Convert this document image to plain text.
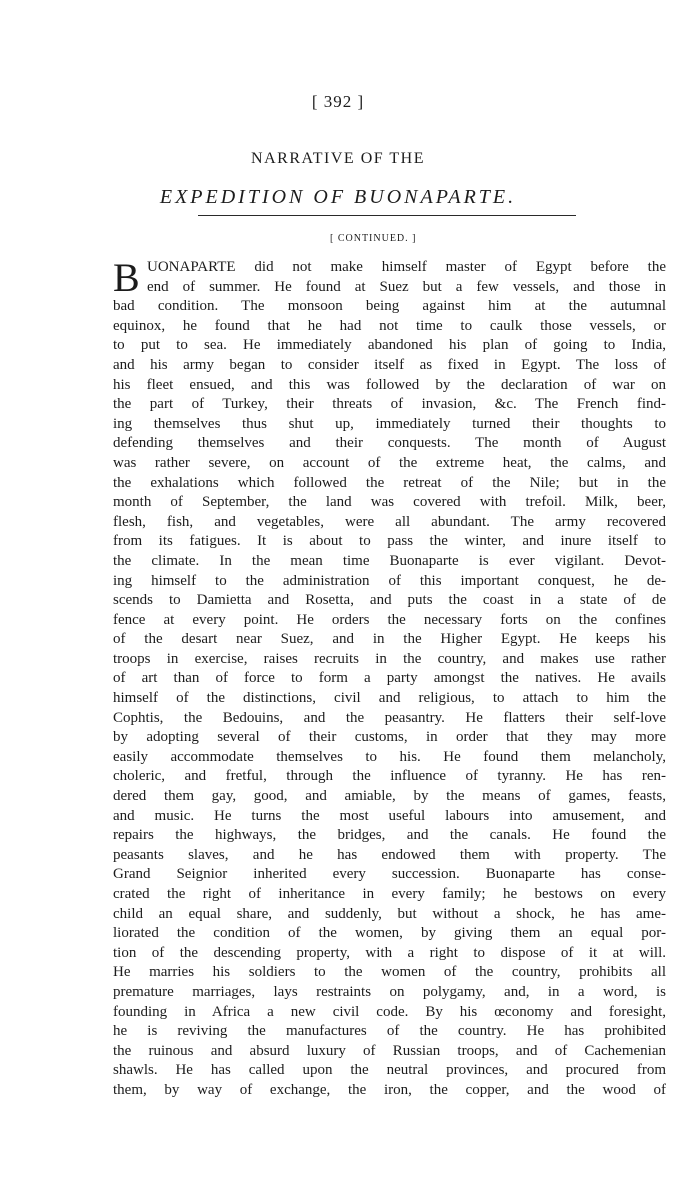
[ 392 ]
NARRATIVE OF THE
EXPEDITION OF BUONAPARTE.
[ CONTINUED. ]
B UONAPARTE did not make himself master of Egypt before the
end of summer. He found at Suez but a few vessels, and those in
bad condition. The monsoon being against him at the autumnal
equinox, he found that he had not time to caulk those vessels, or
to put to sea. He immediately abandoned his plan of going to India,
and his army began to consider itself as fixed in Egypt. The loss of
his fleet ensued, and this was followed by the declaration of war on
the part of Turkey, their threats of invasion, &c. The French find-
ing themselves thus shut up, immediately turned their thoughts to
defending themselves and their conquests. The month of August
was rather severe, on account of the extreme heat, the calms, and
the exhalations which followed the retreat of the Nile; but in the
month of September, the land was covered with trefoil. Milk, beer,
flesh, fish, and vegetables, were all abundant. The army recovered
from its fatigues. It is about to pass the winter, and inure itself to
the climate. In the mean time Buonaparte is ever vigilant. Devot-
ing himself to the administration of this important conquest, he de-
scends to Damietta and Rosetta, and puts the coast in a state of de
fence at every point. He orders the necessary forts on the confines
of the desart near Suez, and in the Higher Egypt. He keeps his
troops in exercise, raises recruits in the country, and makes use rather
of art than of force to form a party amongst the natives. He avails
himself of the distinctions, civil and religious, to attach to him the
Cophtis, the Bedouins, and the peasantry. He flatters their self-love
by adopting several of their customs, in order that they may more
easily accommodate themselves to his. He found them melancholy,
choleric, and fretful, through the influence of tyranny. He has ren-
dered them gay, good, and amiable, by the means of games, feasts,
and music. He turns the most useful labours into amusement, and
repairs the highways, the bridges, and the canals. He found the
peasants slaves, and he has endowed them with property. The
Grand Seignior inherited every succession. Buonaparte has conse-
crated the right of inheritance in every family; he bestows on every
child an equal share, and suddenly, but without a shock, he has ame-
liorated the condition of the women, by giving them an equal por-
tion of the descending property, with a right to dispose of it at will.
He marries his soldiers to the women of the country, prohibits all
premature marriages, lays restraints on polygamy, and, in a word, is
founding in Africa a new civil code. By his œconomy and foresight,
he is reviving the manufactures of the country. He has prohibited
the ruinous and absurd luxury of Russian troops, and of Cachemenian
shawls. He has called upon the neutral provinces, and procured from
them, by way of exchange, the iron, the copper, and the wood of
